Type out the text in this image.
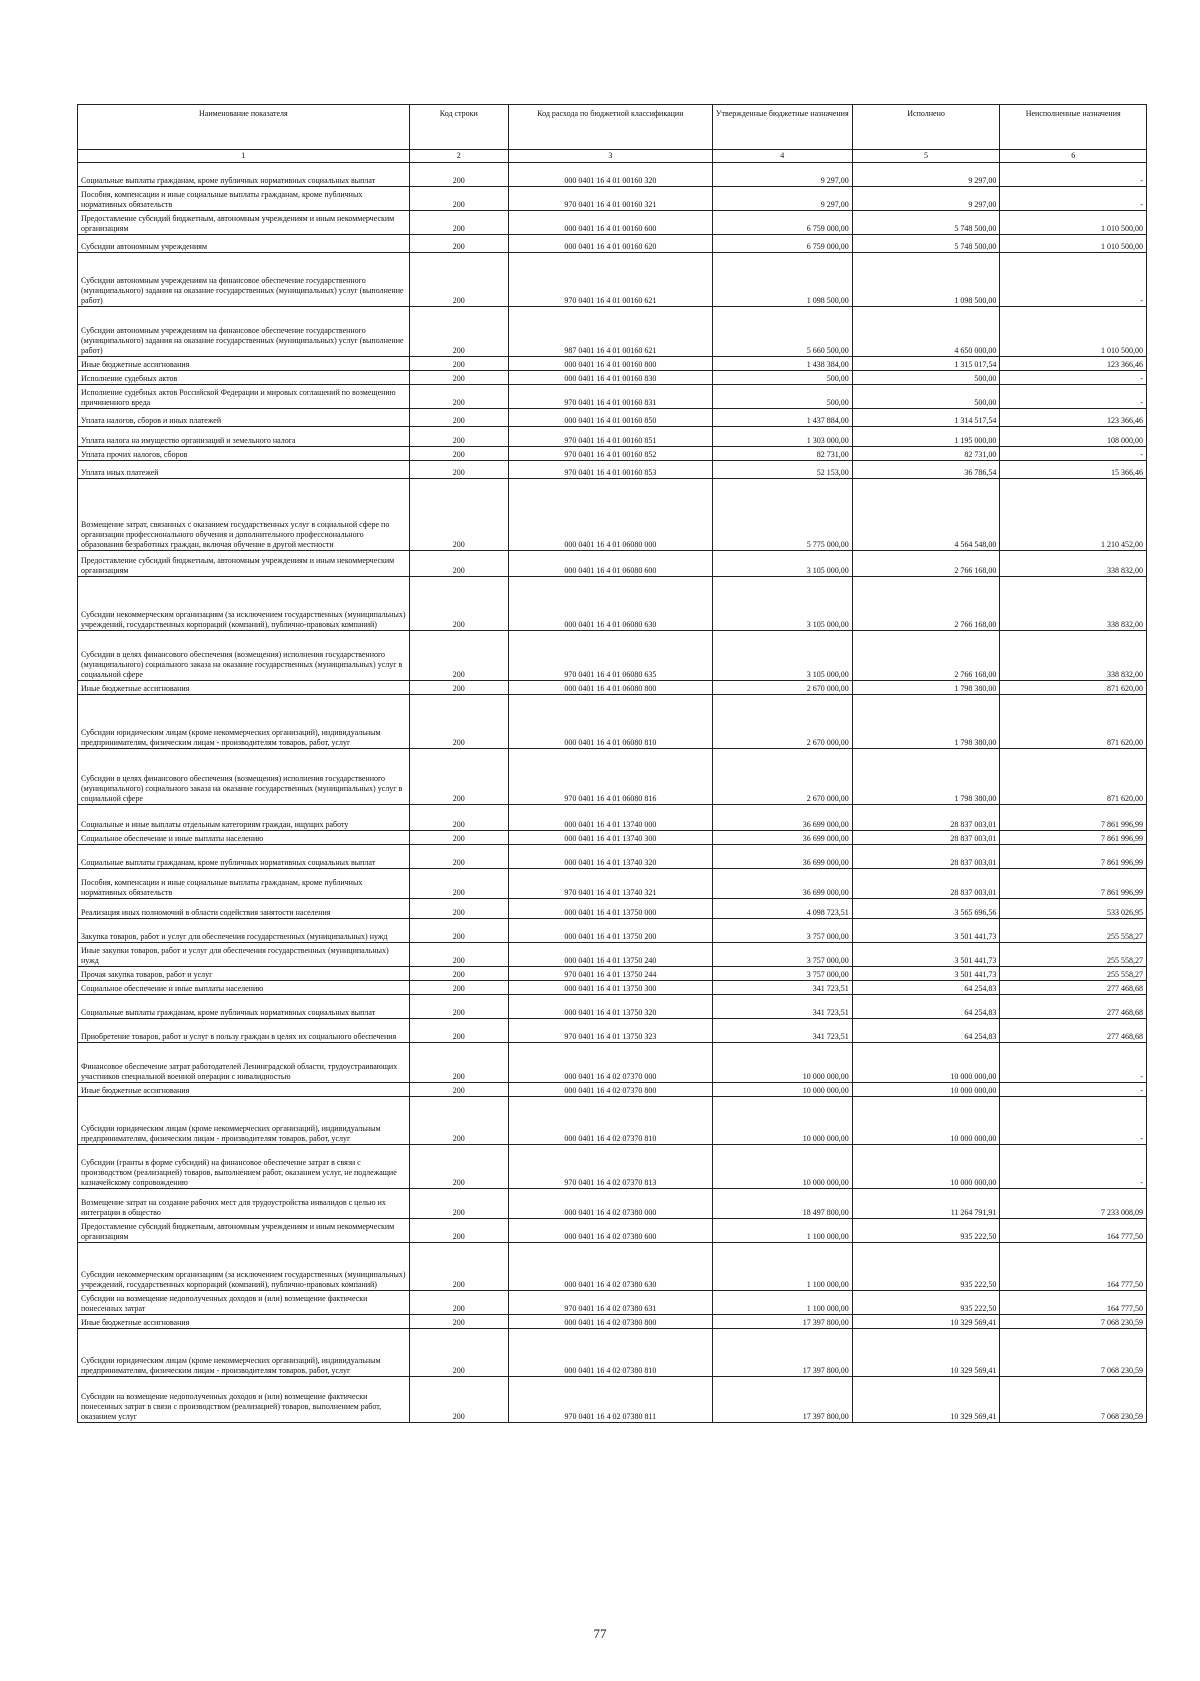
Наименование показателя	Код строки	Код расхода по бюджетной классификации	Утвержденные бюджетные назначения	Исполнено	Неисполненные назначения
1	2	3	4	5	6
Социальные выплаты гражданам, кроме публичных нормативных социальных выплат	200	000 0401 16 4 01 00160 320	9 297,00	9 297,00	-
Пособия, компенсации и иные социальные выплаты гражданам, кроме публичных нормативных обязательств	200	970 0401 16 4 01 00160 321	9 297,00	9 297,00	-
Предоставление субсидий бюджетным, автономным учреждениям и иным некоммерческим организациям	200	000 0401 16 4 01 00160 600	6 759 000,00	5 748 500,00	1 010 500,00
Субсидии автономным учреждениям	200	000 0401 16 4 01 00160 620	6 759 000,00	5 748 500,00	1 010 500,00
Субсидии автономным учреждениям на финансовое обеспечение государственного (муниципального) задания на оказание государственных (муниципальных) услуг (выполнение работ)	200	970 0401 16 4 01 00160 621	1 098 500,00	1 098 500,00	-
Субсидии автономным учреждениям на финансовое обеспечение государственного (муниципального) задания на оказание государственных (муниципальных) услуг (выполнение работ)	200	987 0401 16 4 01 00160 621	5 660 500,00	4 650 000,00	1 010 500,00
Иные бюджетные ассигнования	200	000 0401 16 4 01 00160 800	1 438 384,00	1 315 017,54	123 366,46
Исполнение судебных актов	200	000 0401 16 4 01 00160 830	500,00	500,00	-
Исполнение судебных актов Российской Федерации и мировых соглашений по возмещению причиненного вреда	200	970 0401 16 4 01 00160 831	500,00	500,00	-
Уплата налогов, сборов и иных платежей	200	000 0401 16 4 01 00160 850	1 437 884,00	1 314 517,54	123 366,46
Уплата налога на имущество организаций и земельного налога	200	970 0401 16 4 01 00160 851	1 303 000,00	1 195 000,00	108 000,00
Уплата прочих налогов, сборов	200	970 0401 16 4 01 00160 852	82 731,00	82 731,00	-
Уплата иных платежей	200	970 0401 16 4 01 00160 853	52 153,00	36 786,54	15 366,46
Возмещение затрат, связанных с оказанием государственных услуг в социальной сфере по организации профессионального обучения и дополнительного профессионального образования безработных граждан, включая обучение в другой местности	200	000 0401 16 4 01 06080 000	5 775 000,00	4 564 548,00	1 210 452,00
Предоставление субсидий бюджетным, автономным учреждениям и иным некоммерческим организациям	200	000 0401 16 4 01 06080 600	3 105 000,00	2 766 168,00	338 832,00
Субсидии некоммерческим организациям (за исключением государственных (муниципальных) учреждений, государственных корпораций (компаний), публично-правовых компаний)	200	000 0401 16 4 01 06080 630	3 105 000,00	2 766 168,00	338 832,00
Субсидии в целях финансового обеспечения (возмещения) исполнения государственного (муниципального) социального заказа на оказание государственных (муниципальных) услуг в социальной сфере	200	970 0401 16 4 01 06080 635	3 105 000,00	2 766 168,00	338 832,00
Иные бюджетные ассигнования	200	000 0401 16 4 01 06080 800	2 670 000,00	1 798 380,00	871 620,00
Субсидии юридическим лицам (кроме некоммерческих организаций), индивидуальным предпринимателям, физическим лицам - производителям товаров, работ, услуг	200	000 0401 16 4 01 06080 810	2 670 000,00	1 798 380,00	871 620,00
Субсидии в целях финансового обеспечения (возмещения) исполнения государственного (муниципального) социального заказа на оказание государственных (муниципальных) услуг в социальной сфере	200	970 0401 16 4 01 06080 816	2 670 000,00	1 798 380,00	871 620,00
Социальные и иные выплаты отдельным категориям граждан, ищущих работу	200	000 0401 16 4 01 13740 000	36 699 000,00	28 837 003,01	7 861 996,99
Социальное обеспечение и иные выплаты населению	200	000 0401 16 4 01 13740 300	36 699 000,00	28 837 003,01	7 861 996,99
Социальные выплаты гражданам, кроме публичных нормативных социальных выплат	200	000 0401 16 4 01 13740 320	36 699 000,00	28 837 003,01	7 861 996,99
Пособия, компенсации и иные социальные выплаты гражданам, кроме публичных нормативных обязательств	200	970 0401 16 4 01 13740 321	36 699 000,00	28 837 003,01	7 861 996,99
Реализация иных полномочий в области содействия занятости населения	200	000 0401 16 4 01 13750 000	4 098 723,51	3 565 696,56	533 026,95
Закупка товаров, работ и услуг для обеспечения государственных (муниципальных) нужд	200	000 0401 16 4 01 13750 200	3 757 000,00	3 501 441,73	255 558,27
Иные закупки товаров, работ и услуг для обеспечения государственных (муниципальных) нужд	200	000 0401 16 4 01 13750 240	3 757 000,00	3 501 441,73	255 558,27
Прочая закупка товаров, работ и услуг	200	970 0401 16 4 01 13750 244	3 757 000,00	3 501 441,73	255 558,27
Социальное обеспечение и иные выплаты населению	200	000 0401 16 4 01 13750 300	341 723,51	64 254,83	277 468,68
Социальные выплаты гражданам, кроме публичных нормативных социальных выплат	200	000 0401 16 4 01 13750 320	341 723,51	64 254,83	277 468,68
Приобретение товаров, работ и услуг в пользу граждан в целях их социального обеспечения	200	970 0401 16 4 01 13750 323	341 723,51	64 254,83	277 468,68
Финансовое обеспечение затрат работодателей Ленинградской области, трудоустраивающих участников специальной военной операции с инвалидностью	200	000 0401 16 4 02 07370 000	10 000 000,00	10 000 000,00	-
Иные бюджетные ассигнования	200	000 0401 16 4 02 07370 800	10 000 000,00	10 000 000,00	-
Субсидии юридическим лицам (кроме некоммерческих организаций), индивидуальным предпринимателям, физическим лицам - производителям товаров, работ, услуг	200	000 0401 16 4 02 07370 810	10 000 000,00	10 000 000,00	-
Субсидии (гранты в форме субсидий) на финансовое обеспечение затрат в связи с производством (реализацией) товаров, выполнением работ, оказанием услуг, не подлежащие казначейскому сопровождению	200	970 0401 16 4 02 07370 813	10 000 000,00	10 000 000,00	-
Возмещение затрат на создание рабочих мест для трудоустройства инвалидов с целью их интеграции в общество	200	000 0401 16 4 02 07380 000	18 497 800,00	11 264 791,91	7 233 008,09
Предоставление субсидий бюджетным, автономным учреждениям и иным некоммерческим организациям	200	000 0401 16 4 02 07380 600	1 100 000,00	935 222,50	164 777,50
Субсидии некоммерческим организациям (за исключением государственных (муниципальных) учреждений, государственных корпораций (компаний), публично-правовых компаний)	200	000 0401 16 4 02 07380 630	1 100 000,00	935 222,50	164 777,50
Субсидии на возмещение недополученных доходов и (или) возмещение фактически понесенных затрат	200	970 0401 16 4 02 07380 631	1 100 000,00	935 222,50	164 777,50
Иные бюджетные ассигнования	200	000 0401 16 4 02 07380 800	17 397 800,00	10 329 569,41	7 068 230,59
Субсидии юридическим лицам (кроме некоммерческих организаций), индивидуальным предпринимателям, физическим лицам - производителям товаров, работ, услуг	200	000 0401 16 4 02 07380 810	17 397 800,00	10 329 569,41	7 068 230,59
Субсидии на возмещение недополученных доходов и (или) возмещение фактически понесенных затрат в связи с производством (реализацией) товаров, выполнением работ, оказанием услуг	200	970 0401 16 4 02 07380 811	17 397 800,00	10 329 569,41	7 068 230,59
77
